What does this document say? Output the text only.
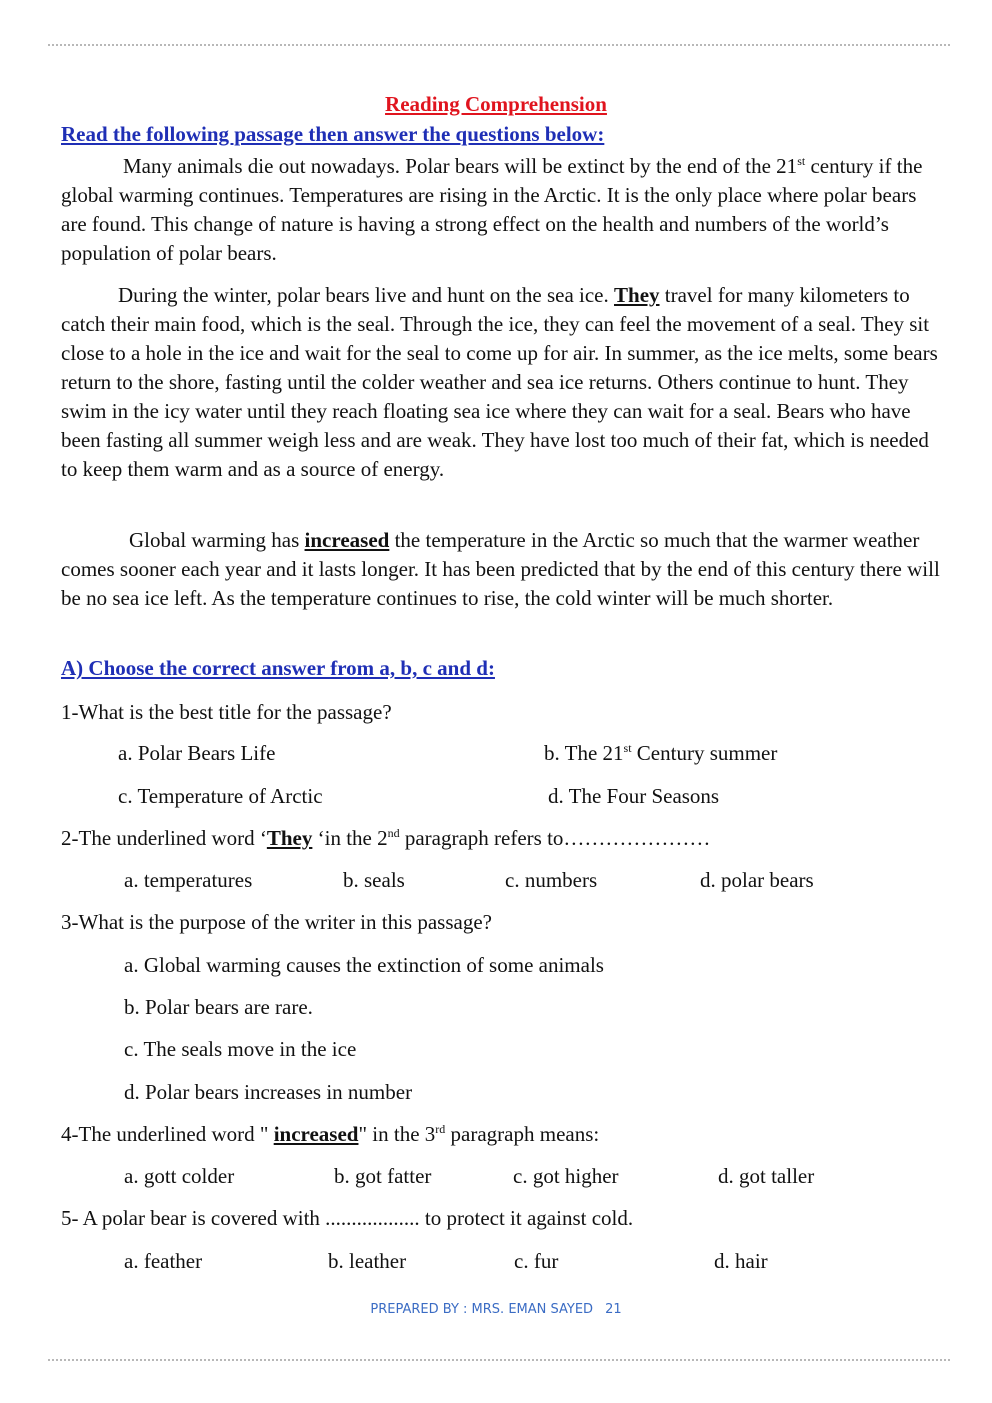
Reading Comprehension
Read the following passage then answer the questions below:

Many animals die out nowadays. Polar bears will be extinct by the end of the 21st century if the global warming continues. Temperatures are rising in the Arctic. It is the only place where polar bears are found. This change of nature is having a strong effect on the health and numbers of the world’s population of polar bears.

During the winter, polar bears live and hunt on the sea ice. They travel for many kilometers to catch their main food, which is the seal. Through the ice, they can feel the movement of a seal. They sit close to a hole in the ice and wait for the seal to come up for air. In summer, as the ice melts, some bears return to the shore, fasting until the colder weather and sea ice returns. Others continue to hunt. They swim in the icy water until they reach floating sea ice where they can wait for a seal. Bears who have been fasting all summer weigh less and are weak. They have lost too much of their fat, which is needed to keep them warm and as a source of energy.

Global warming has increased the temperature in the Arctic so much that the warmer weather comes sooner each year and it lasts longer. It has been predicted that by the end of this century there will be no sea ice left. As the temperature continues to rise, the cold winter will be much shorter.

A) Choose the correct answer from a, b, c and d:
1-What is the best title for the passage?
a. Polar Bears Life	b. The 21st Century summer
c. Temperature of Arctic	d. The Four Seasons
2-The underlined word ‘They ‘in the 2nd paragraph refers to…………………
a. temperatures	b. seals	c. numbers	d. polar bears
3-What is the purpose of the writer in this passage?
a. Global warming causes the extinction of some animals
b. Polar bears are rare.
c. The seals move in the ice
d. Polar bears increases in number
4-The underlined word " increased" in the 3rd paragraph means:
a. gott colder	b. got fatter	c. got higher	d. got taller
5- A polar bear is covered with .................. to protect it against cold.
a. feather	b. leather	c. fur	d. hair
PREPARED BY : MRS. EMAN SAYED 21
